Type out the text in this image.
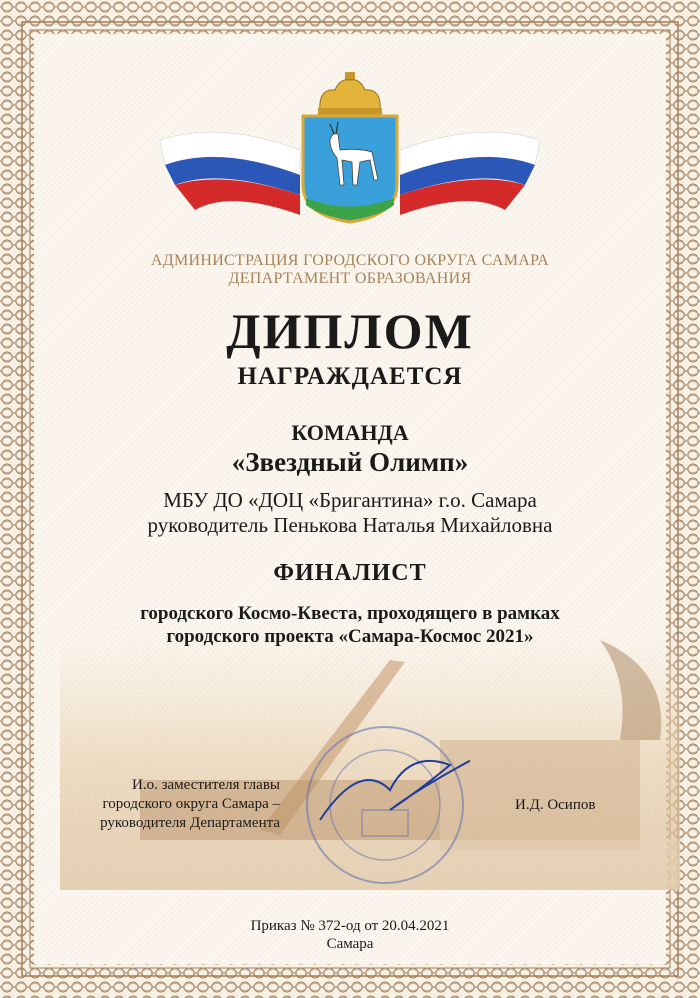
АДМИНИСТРАЦИЯ ГОРОДСКОГО ОКРУГА САМАРА
ДЕПАРТАМЕНТ ОБРАЗОВАНИЯ
ДИПЛОМ
НАГРАЖДАЕТСЯ
КОМАНДА
«Звездный Олимп»
МБУ ДО «ДОЦ «Бригантина» г.о. Самара
руководитель Пенькова Наталья Михайловна
ФИНАЛИСТ
городского Космо-Квеста, проходящего в рамках
городского проекта «Самара-Космос 2021»
И.о. заместителя главы
городского округа Самара –
руководителя Департамента
И.Д. Осипов
Приказ № 372-од от 20.04.2021
Самара
